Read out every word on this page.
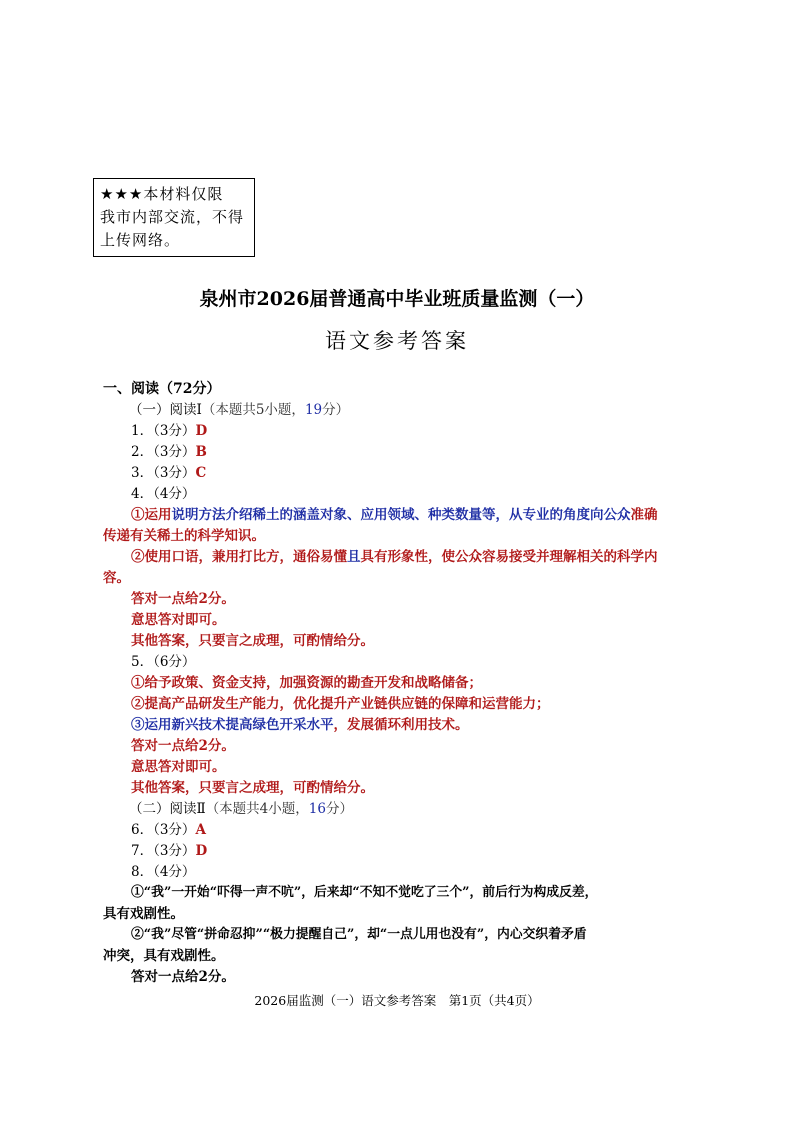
★★★本材料仅限
我市内部交流，不得
上传网络。
泉州市2026届普通高中毕业班质量监测（一）
语文参考答案
一、阅读（72分）
（一）阅读Ⅰ（本题共5小题，19分）
1．（3分）D
2．（3分）B
3．（3分）C
4．（4分）
①运用说明方法介绍稀土的涵盖对象、应用领域、种类数量等，从专业的角度向公众准确
传递有关稀土的科学知识。
②使用口语，兼用打比方，通俗易懂且具有形象性，使公众容易接受并理解相关的科学内
容。
答对一点给2分。
意思答对即可。
其他答案，只要言之成理，可酌情给分。
5．（6分）
①给予政策、资金支持，加强资源的勘查开发和战略储备；
②提高产品研发生产能力，优化提升产业链供应链的保障和运营能力；
③运用新兴技术提高绿色开采水平，发展循环利用技术。
答对一点给2分。
意思答对即可。
其他答案，只要言之成理，可酌情给分。
（二）阅读Ⅱ（本题共4小题，16分）
6．（3分）A
7．（3分）D
8．（4分）
①“我”一开始“吓得一声不吭”，后来却“不知不觉吃了三个”，前后行为构成反差，
具有戏剧性。
②“我”尽管“拼命忍抑”“极力提醒自己”，却“一点儿用也没有”，内心交织着矛盾
冲突，具有戏剧性。
答对一点给2分。
2026届监测（一）语文参考答案　第1页（共4页）
